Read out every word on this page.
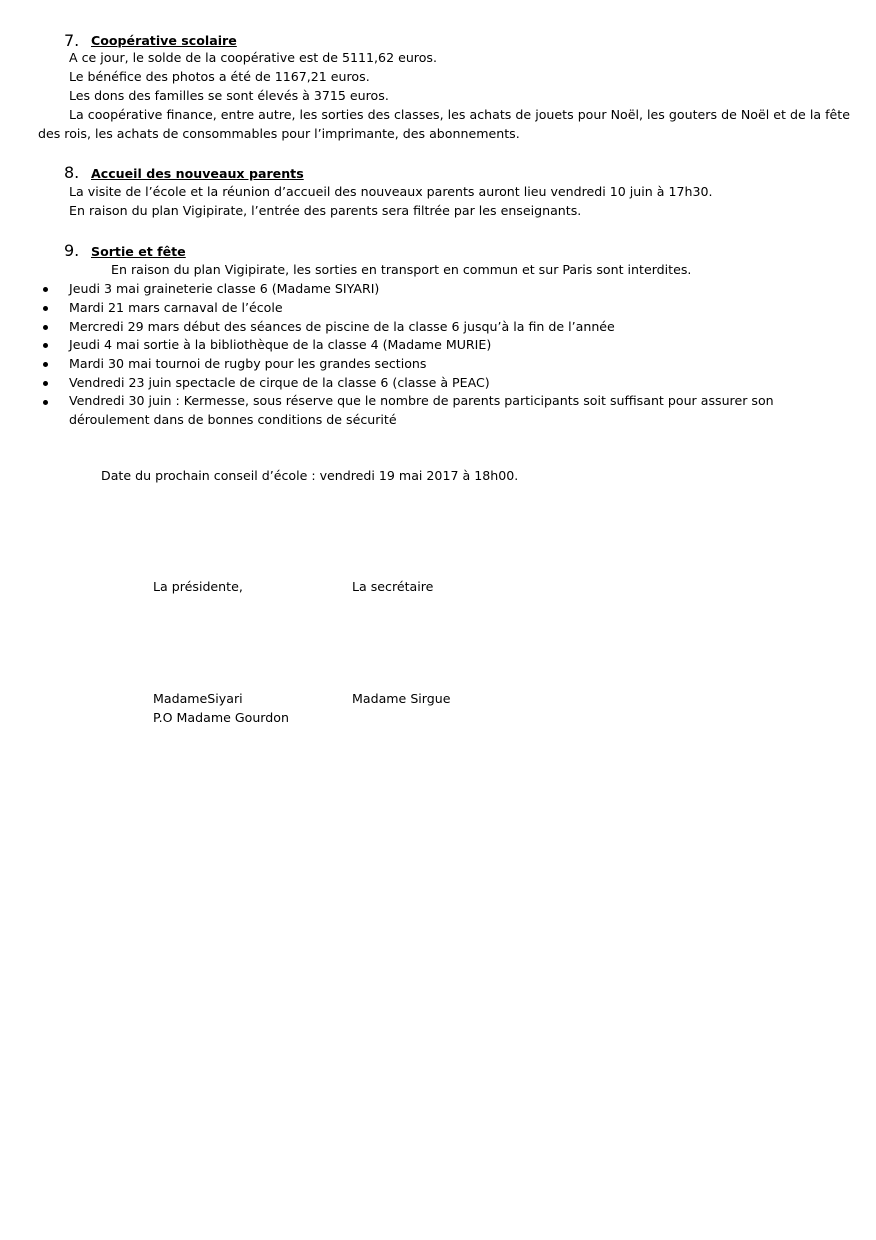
7. Coopérative scolaire
A ce jour, le solde de la coopérative est de 5111,62 euros.
Le bénéfice des photos a été de 1167,21 euros.
Les dons des familles se sont élevés à 3715 euros.
La coopérative finance, entre autre, les sorties des classes, les achats de jouets pour Noël, les gouters de Noël et de la fête des rois, les achats de consommables pour l’imprimante, des abonnements.
8. Accueil des nouveaux parents
La visite de l’école et la réunion d’accueil des nouveaux parents auront lieu vendredi 10 juin à 17h30.
En raison du plan Vigipirate, l’entrée des parents sera filtrée par les enseignants.
9. Sortie et fête
En raison du plan Vigipirate, les sorties en transport en commun et sur Paris sont interdites.
Jeudi 3 mai graineterie classe 6 (Madame SIYARI)
Mardi 21 mars carnaval de l’école
Mercredi 29 mars début des séances de piscine de la classe 6 jusqu’à la fin de l’année
Jeudi 4 mai sortie à la bibliothèque de la classe 4 (Madame MURIE)
Mardi 30 mai tournoi de rugby pour les grandes sections
Vendredi 23 juin spectacle de cirque de la classe 6 (classe à PEAC)
Vendredi 30 juin : Kermesse, sous réserve que le nombre de parents participants soit suffisant pour assurer son déroulement dans de bonnes conditions de sécurité
Date du prochain conseil d’école : vendredi 19 mai 2017 à 18h00.
La présidente,	La secrétaire
MadameSiyari
P.O Madame Gourdon
Madame Sirgue
